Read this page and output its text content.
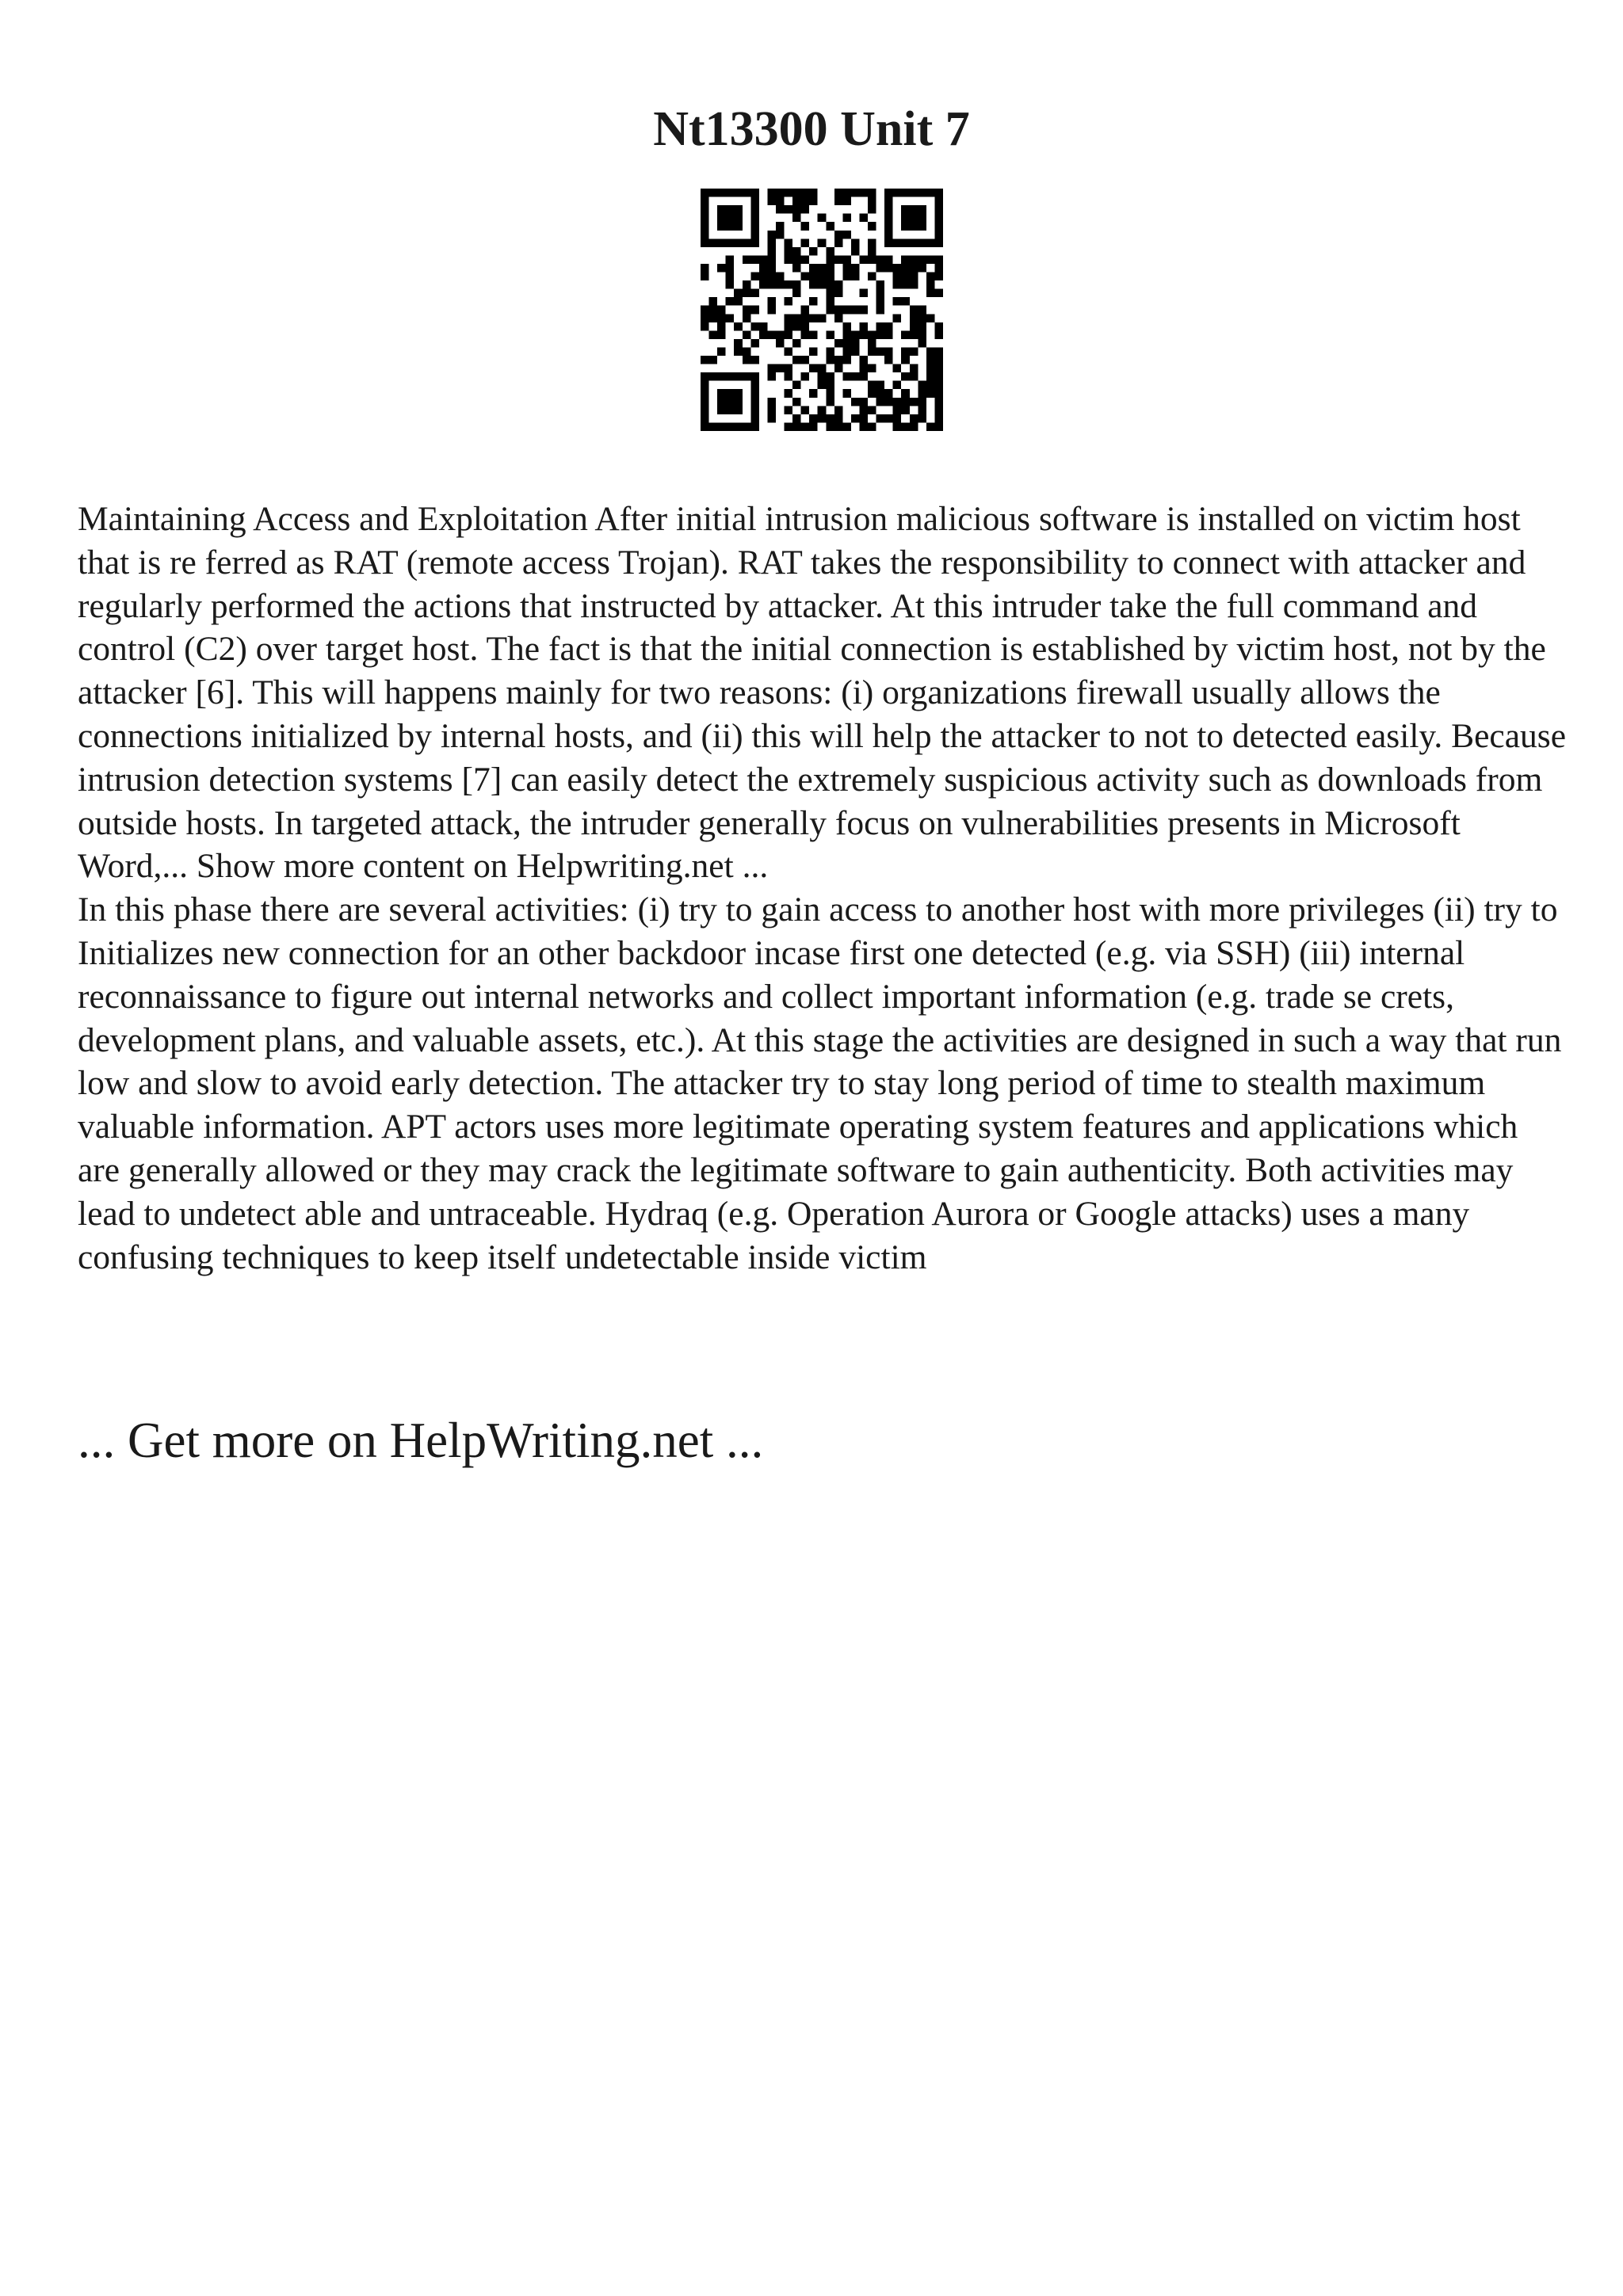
Nt13300 Unit 7

Maintaining Access and Exploitation After initial intrusion malicious software is installed on victim host that is re ferred as RAT (remote access Trojan). RAT takes the responsibility to connect with attacker and regularly performed the actions that instructed by attacker. At this intruder take the full command and control (C2) over target host. The fact is that the initial connection is established by victim host, not by the attacker [6]. This will happens mainly for two reasons: (i) organizations firewall usually allows the connections initialized by internal hosts, and (ii) this will help the attacker to not to detected easily. Because intrusion detection systems [7] can easily detect the extremely suspicious activity such as downloads from outside hosts. In targeted attack, the intruder generally focus on vulnerabilities presents in Microsoft Word,... Show more content on Helpwriting.net ...

In this phase there are several activities: (i) try to gain access to another host with more privileges (ii) try to Initializes new connection for an other backdoor incase first one detected (e.g. via SSH) (iii) internal reconnaissance to figure out internal networks and collect important information (e.g. trade se crets, development plans, and valuable assets, etc.). At this stage the activities are designed in such a way that run low and slow to avoid early detection. The attacker try to stay long period of time to stealth maximum valuable information. APT actors uses more legitimate operating system features and applications which are generally allowed or they may crack the legitimate software to gain authenticity. Both activities may lead to undetect able and untraceable. Hydraq (e.g. Operation Aurora or Google attacks) uses a many confusing techniques to keep itself undetectable inside victim

... Get more on HelpWriting.net ...
